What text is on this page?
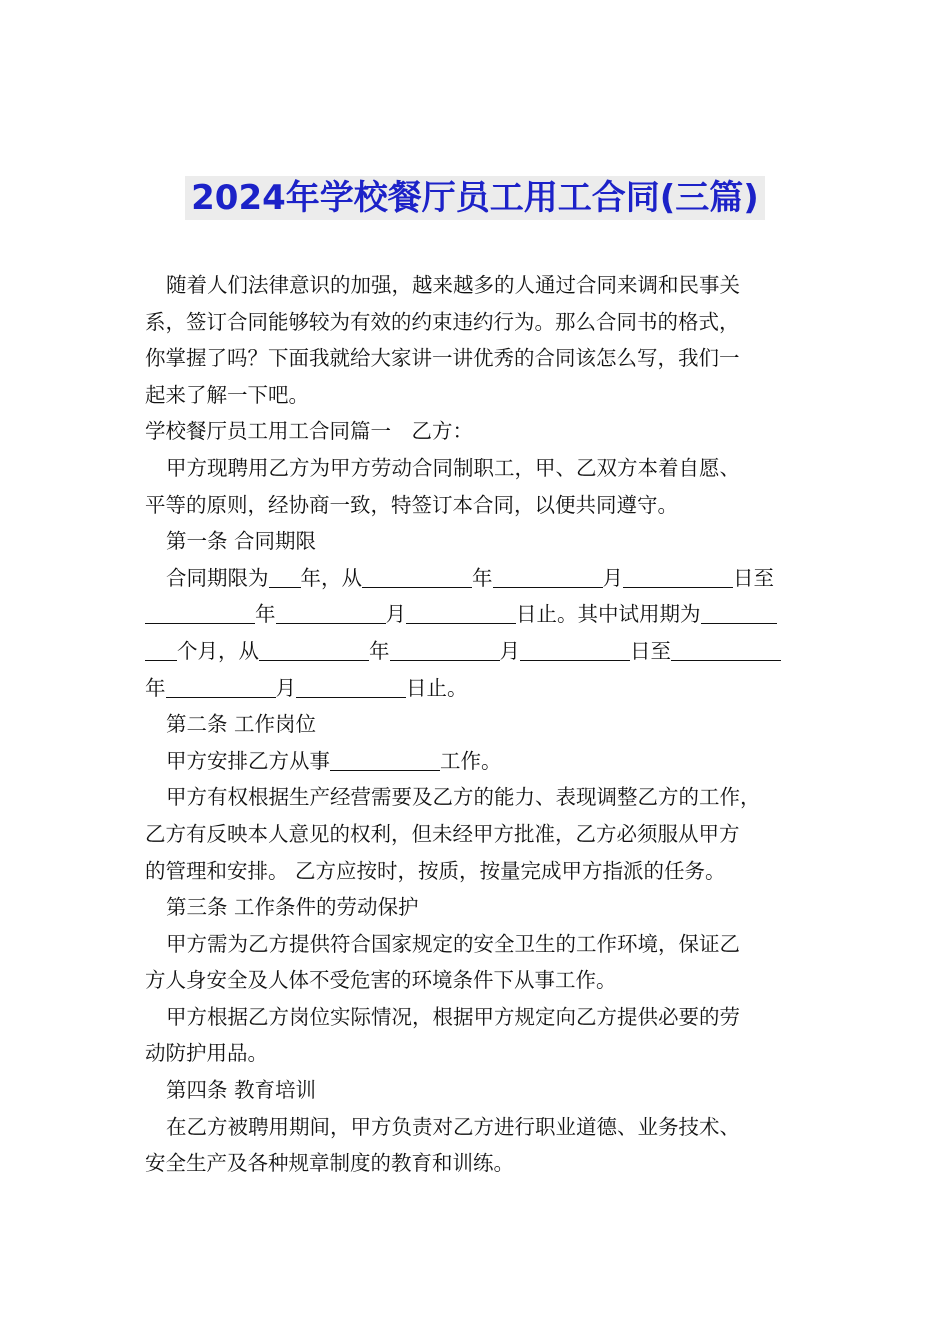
2024年学校餐厅员工用工合同(三篇)
随着人们法律意识的加强，越来越多的人通过合同来调和民事关
系，签订合同能够较为有效的约束违约行为。那么合同书的格式，
你掌握了吗？下面我就给大家讲一讲优秀的合同该怎么写，我们一
起来了解一下吧。
学校餐厅员工用工合同篇一　乙方：
甲方现聘用乙方为甲方劳动合同制职工，甲、乙双方本着自愿、
平等的原则，经协商一致，特签订本合同，以便共同遵守。
第一条 合同期限
合同期限为 年，从	年	月	日至
年	月	日止。其中试用期为
个月，从	年	月	日至
年	月	日止。
第二条 工作岗位
甲方安排乙方从事	工作。
甲方有权根据生产经营需要及乙方的能力、表现调整乙方的工作，
乙方有反映本人意见的权利，但未经甲方批准，乙方必须服从甲方
的管理和安排。 乙方应按时，按质，按量完成甲方指派的任务。
第三条 工作条件的劳动保护
甲方需为乙方提供符合国家规定的安全卫生的工作环境，保证乙
方人身安全及人体不受危害的环境条件下从事工作。
甲方根据乙方岗位实际情况，根据甲方规定向乙方提供必要的劳
动防护用品。
第四条 教育培训
在乙方被聘用期间，甲方负责对乙方进行职业道德、业务技术、
安全生产及各种规章制度的教育和训练。
